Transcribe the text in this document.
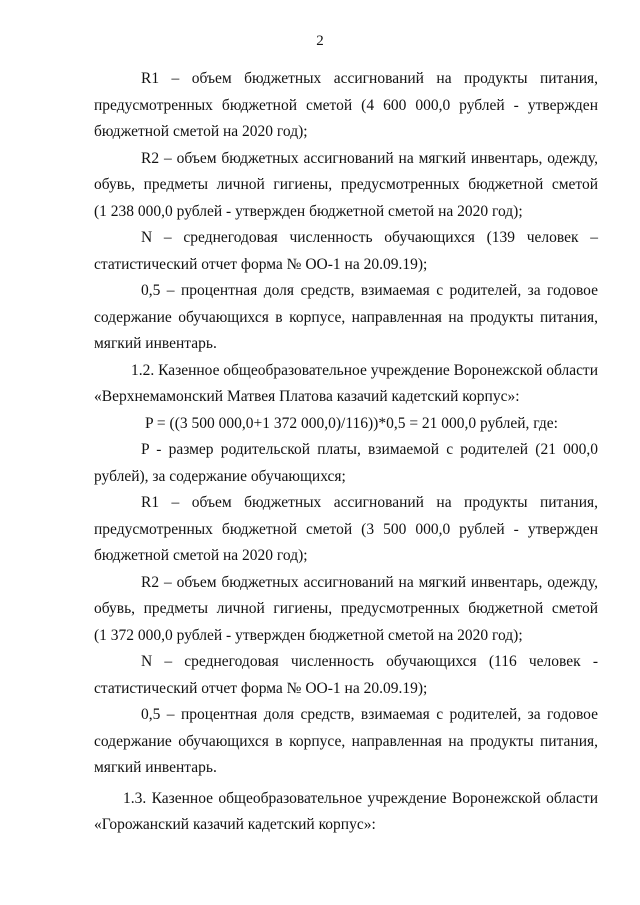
2

R1 – объем бюджетных ассигнований на продукты питания,
предусмотренных бюджетной сметой (4 600 000,0 рублей - утвержден
бюджетной сметой на 2020 год);

R2 – объем бюджетных ассигнований на мягкий инвентарь, одежду,
обувь, предметы личной гигиены, предусмотренных бюджетной сметой
(1 238 000,0 рублей - утвержден бюджетной сметой на 2020 год);

N – среднегодовая численность обучающихся (139 человек –
статистический отчет форма № ОО-1 на 20.09.19);

0,5 – процентная доля средств, взимаемая с родителей, за годовое
содержание обучающихся в корпусе, направленная на продукты питания,
мягкий инвентарь.

1.2. Казенное общеобразовательное учреждение Воронежской области
«Верхнемамонский Матвея Платова казачий кадетский корпус»:

P = ((3 500 000,0+1 372 000,0)/116))*0,5 = 21 000,0 рублей, где:

P - размер родительской платы, взимаемой с родителей (21 000,0
рублей), за содержание обучающихся;

R1 – объем бюджетных ассигнований на продукты питания,
предусмотренных бюджетной сметой (3 500 000,0 рублей - утвержден
бюджетной сметой на 2020 год);

R2 – объем бюджетных ассигнований на мягкий инвентарь, одежду,
обувь, предметы личной гигиены, предусмотренных бюджетной сметой
(1 372 000,0 рублей - утвержден бюджетной сметой на 2020 год);

N – среднегодовая численность обучающихся (116 человек -
статистический отчет форма № ОО-1 на 20.09.19);

0,5 – процентная доля средств, взимаемая с родителей, за годовое
содержание обучающихся в корпусе, направленная на продукты питания,
мягкий инвентарь.

1.3. Казенное общеобразовательное учреждение Воронежской области
«Горожанский казачий кадетский корпус»:
